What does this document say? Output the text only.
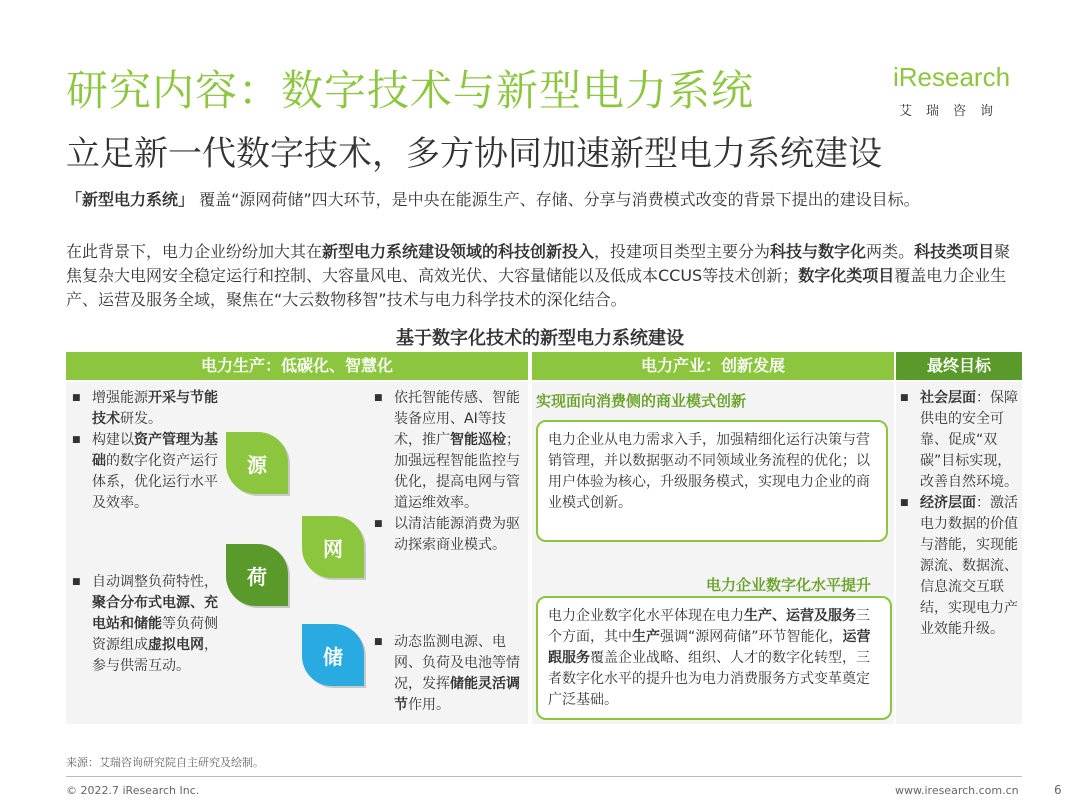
研究内容：数字技术与新型电力系统
立足新一代数字技术，多方协同加速新型电力系统建设
iResearch
艾瑞咨询
「新型电力系统」 覆盖“源网荷储”四大环节，是中央在能源生产、存储、分享与消费模式改变的背景下提出的建设目标。
在此背景下，电力企业纷纷加大其在新型电力系统建设领域的科技创新投入，投建项目类型主要分为科技与数字化两类。科技类项目聚焦复杂大电网安全稳定运行和控制、大容量风电、高效光伏、大容量储能以及低成本CCUS等技术创新；数字化类项目覆盖电力企业生产、运营及服务全域，聚焦在“大云数物移智”技术与电力科学技术的深化结合。
基于数字化技术的新型电力系统建设
电力生产：低碳化、智慧化	电力产业：创新发展	最终目标
■ 增强能源开采与节能技术研发。
■ 构建以资产管理为基础的数字化资产运行体系，优化运行水平及效率。
■ 自动调整负荷特性，聚合分布式电源、充电站和储能等负荷侧资源组成虚拟电网，参与供需互动。
源
网
荷
储
■ 依托智能传感、智能装备应用、AI等技术，推广智能巡检；加强远程智能监控与优化，提高电网与管道运维效率。
■ 以清洁能源消费为驱动探索商业模式。
■ 动态监测电源、电网、负荷及电池等情况，发挥储能灵活调节作用。
实现面向消费侧的商业模式创新
电力企业从电力需求入手，加强精细化运行决策与营销管理，并以数据驱动不同领域业务流程的优化；以用户体验为核心，升级服务模式，实现电力企业的商业模式创新。
电力企业数字化水平提升
电力企业数字化水平体现在电力生产、运营及服务三个方面，其中生产强调“源网荷储”环节智能化，运营跟服务覆盖企业战略、组织、人才的数字化转型，三者数字化水平的提升也为电力消费服务方式变革奠定广泛基础。
■ 社会层面：保障供电的安全可靠、促成“双碳”目标实现，改善自然环境。
■ 经济层面：激活电力数据的价值与潜能，实现能源流、数据流、信息流交互联结，实现电力产业效能升级。
来源：艾瑞咨询研究院自主研究及绘制。
© 2022.7 iResearch Inc.	www.iresearch.com.cn	6
